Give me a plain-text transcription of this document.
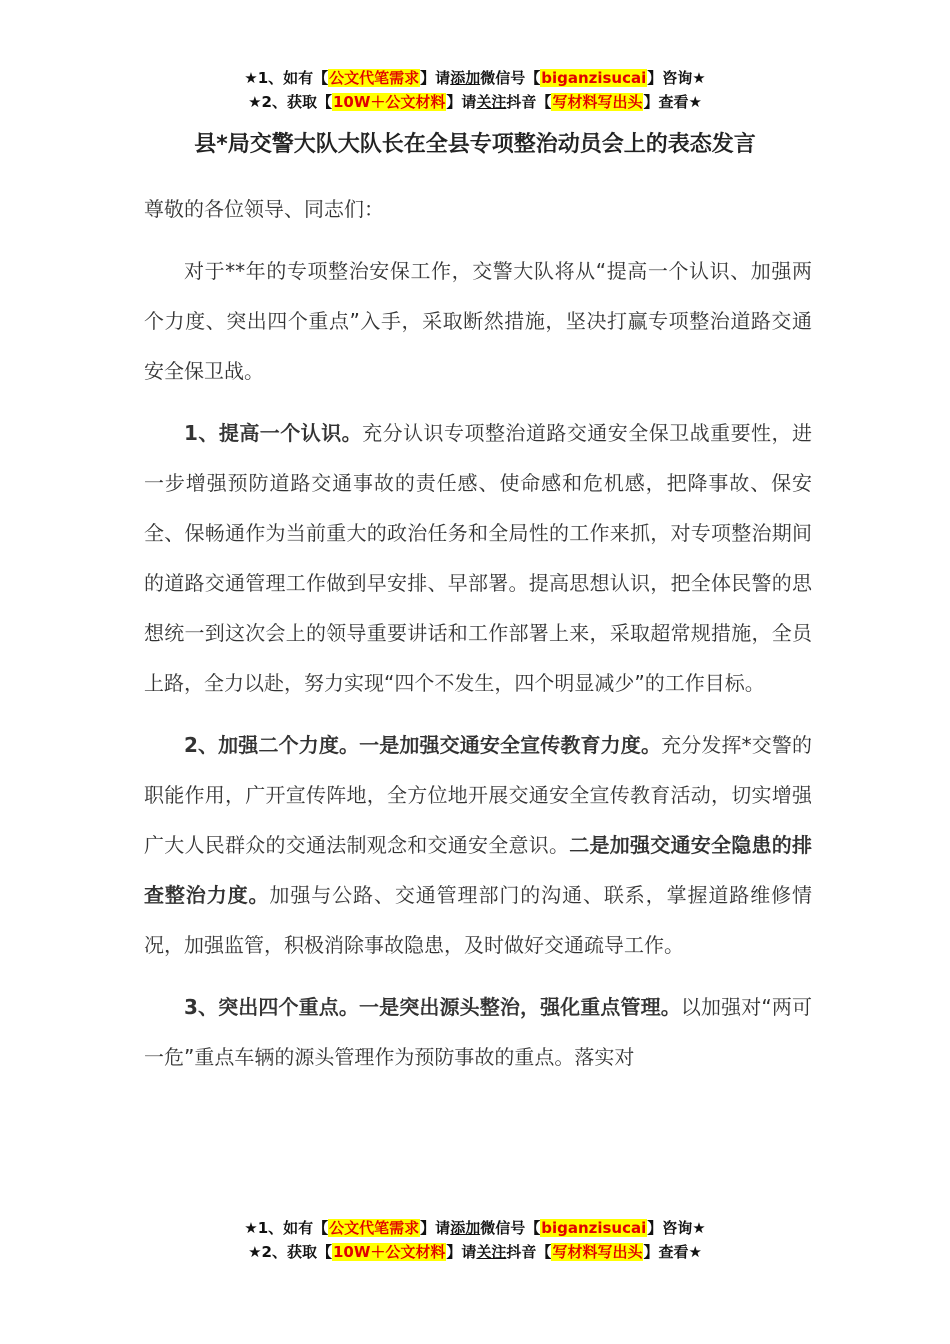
★1、如有【公文代笔需求】请添加微信号【biganzisucai】咨询★
★2、获取【10W＋公文材料】请关注抖音【写材料写出头】查看★
县*局交警大队大队长在全县专项整治动员会上的表态发言

尊敬的各位领导、同志们：

对于**年的专项整治安保工作，交警大队将从“提高一个认识、加强两个力度、突出四个重点”入手，采取断然措施，坚决打赢专项整治道路交通安全保卫战。

1、提高一个认识。充分认识专项整治道路交通安全保卫战重要性，进一步增强预防道路交通事故的责任感、使命感和危机感，把降事故、保安全、保畅通作为当前重大的政治任务和全局性的工作来抓，对专项整治期间的道路交通管理工作做到早安排、早部署。提高思想认识，把全体民警的思想统一到这次会上的领导重要讲话和工作部署上来，采取超常规措施，全员上路，全力以赴，努力实现“四个不发生，四个明显减少”的工作目标。

2、加强二个力度。一是加强交通安全宣传教育力度。充分发挥*交警的职能作用，广开宣传阵地，全方位地开展交通安全宣传教育活动，切实增强广大人民群众的交通法制观念和交通安全意识。二是加强交通安全隐患的排查整治力度。加强与公路、交通管理部门的沟通、联系，掌握道路维修情况，加强监管，积极消除事故隐患，及时做好交通疏导工作。

3、突出四个重点。一是突出源头整治，强化重点管理。以加强对“两可一危”重点车辆的源头管理作为预防事故的重点。落实对

★1、如有【公文代笔需求】请添加微信号【biganzisucai】咨询★
★2、获取【10W＋公文材料】请关注抖音【写材料写出头】查看★
